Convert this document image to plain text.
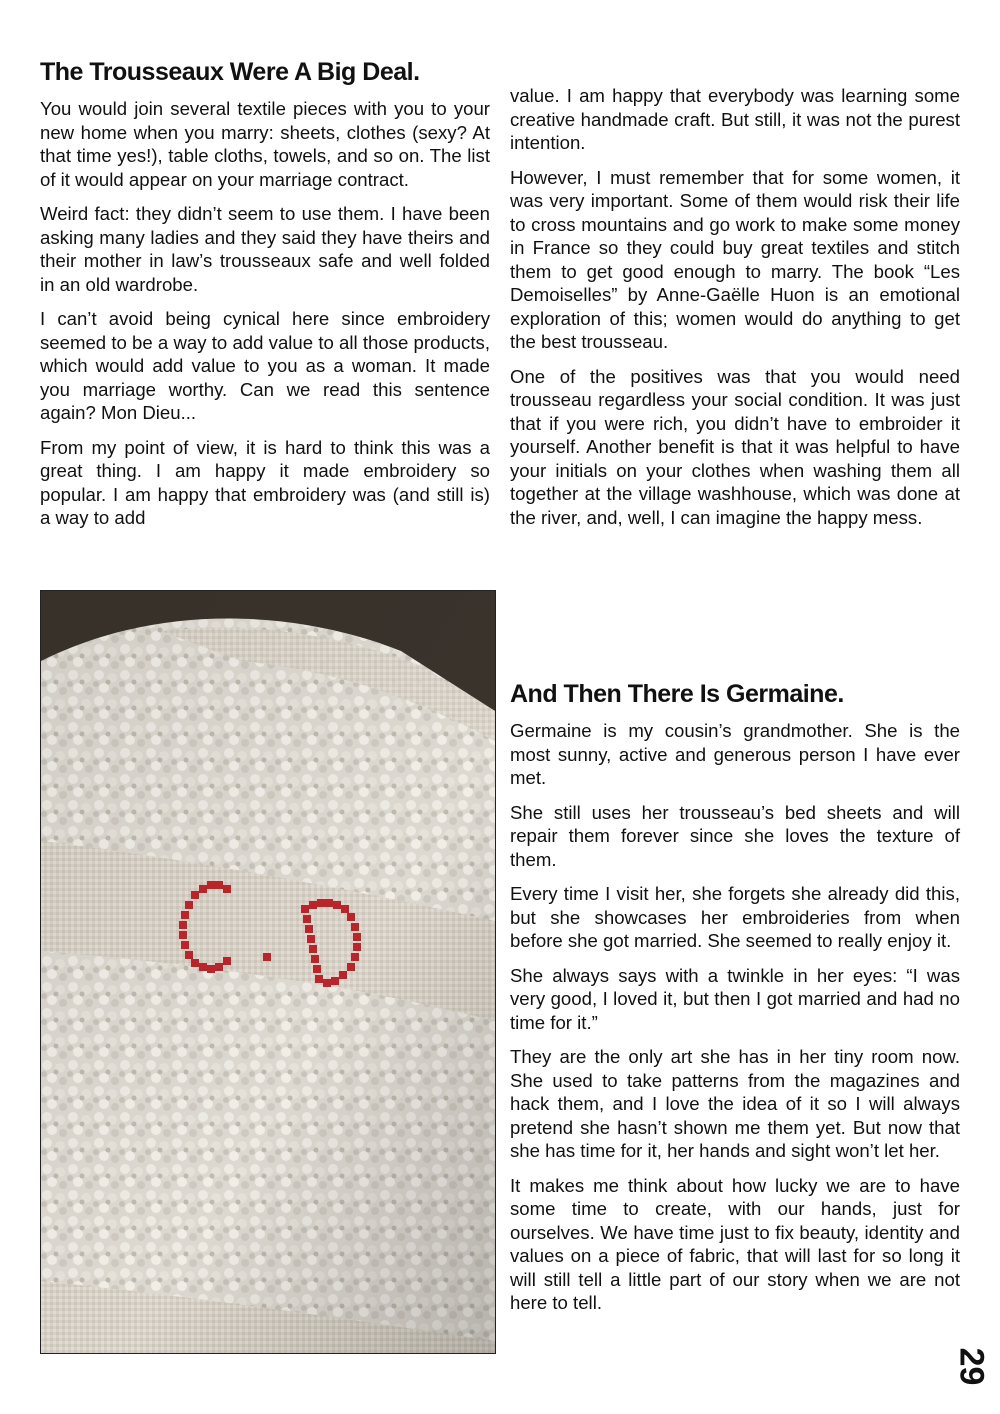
The Trousseaux Were A Big Deal.

You would join several textile pieces with you to your new home when you marry: sheets, clothes (sexy? At that time yes!), table cloths, towels, and so on. The list of it would appear on your marriage contract.

Weird fact: they didn’t seem to use them. I have been asking many ladies and they said they have theirs and their mother in law’s trousseaux safe and well folded in an old wardrobe.

I can’t avoid being cynical here since embroidery seemed to be a way to add value to all those products, which would add value to you as a woman. It made you marriage worthy. Can we read this sentence again? Mon Dieu...

From my point of view, it is hard to think this was a great thing. I am happy it made embroidery so popular. I am happy that embroidery was (and still is) a way to add

value. I am happy that everybody was learning some creative handmade craft. But still, it was not the purest intention.

However, I must remember that for some women, it was very important. Some of them would risk their life to cross mountains and go work to make some money in France so they could buy great textiles and stitch them to get good enough to marry. The book “Les Demoiselles” by Anne-Gaëlle Huon is an emotional exploration of this; women would do anything to get the best trousseau.

One of the positives was that you would need trousseau regardless your social condition. It was just that if you were rich, you didn’t have to embroider it yourself. Another benefit is that it was helpful to have your initials on your clothes when washing them all together at the village washhouse, which was done at the river, and, well, I can imagine the happy mess.

And Then There Is Germaine.

Germaine is my cousin’s grandmother. She is the most sunny, active and generous person I have ever met.

She still uses her trousseau’s bed sheets and will repair them forever since she loves the texture of them.

Every time I visit her, she forgets she already did this, but she showcases her embroideries from when before she got married. She seemed to really enjoy it.

She always says with a twinkle in her eyes: “I was very good, I loved it, but then I got married and had no time for it.”

They are the only art she has in her tiny room now. She used to take patterns from the magazines and hack them, and I love the idea of it so I will always pretend she hasn’t shown me them yet. But now that she has time for it, her hands and sight won’t let her.

It makes me think about how lucky we are to have some time to create, with our hands, just for ourselves. We have time just to fix beauty, identity and values on a piece of fabric, that will last for so long it will still tell a little part of our story when we are not here to tell.

29
